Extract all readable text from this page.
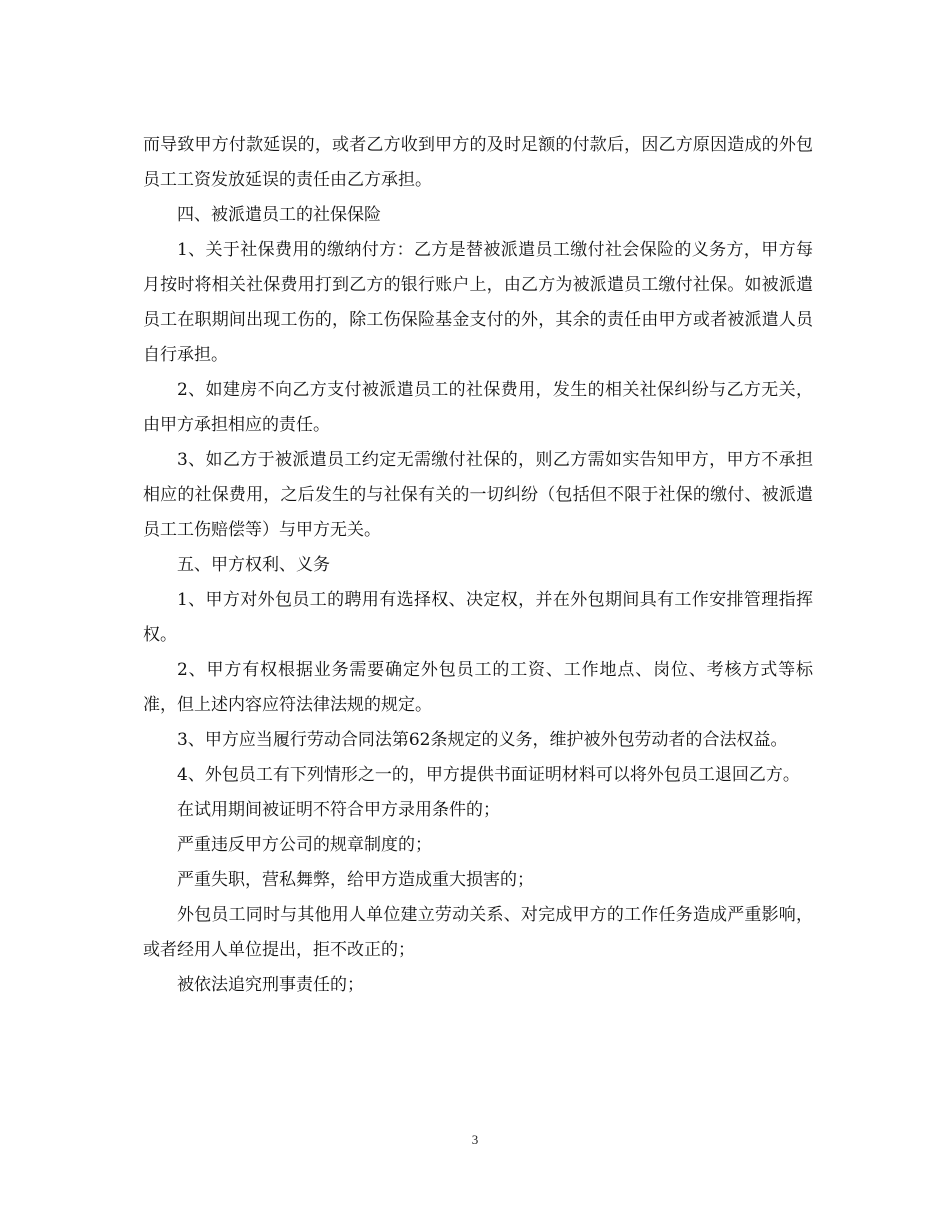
而导致甲方付款延误的，或者乙方收到甲方的及时足额的付款后，因乙方原因造成的外包员工工资发放延误的责任由乙方承担。

四、被派遣员工的社保保险

1、关于社保费用的缴纳付方：乙方是替被派遣员工缴付社会保险的义务方，甲方每月按时将相关社保费用打到乙方的银行账户上，由乙方为被派遣员工缴付社保。如被派遣员工在职期间出现工伤的，除工伤保险基金支付的外，其余的责任由甲方或者被派遣人员自行承担。

2、如建房不向乙方支付被派遣员工的社保费用，发生的相关社保纠纷与乙方无关，由甲方承担相应的责任。

3、如乙方于被派遣员工约定无需缴付社保的，则乙方需如实告知甲方，甲方不承担相应的社保费用，之后发生的与社保有关的一切纠纷（包括但不限于社保的缴付、被派遣员工工伤赔偿等）与甲方无关。

五、甲方权利、义务

1、甲方对外包员工的聘用有选择权、决定权，并在外包期间具有工作安排管理指挥权。

2、甲方有权根据业务需要确定外包员工的工资、工作地点、岗位、考核方式等标准，但上述内容应符法律法规的规定。

3、甲方应当履行劳动合同法第62条规定的义务，维护被外包劳动者的合法权益。

4、外包员工有下列情形之一的，甲方提供书面证明材料可以将外包员工退回乙方。

在试用期间被证明不符合甲方录用条件的；

严重违反甲方公司的规章制度的；

严重失职，营私舞弊，给甲方造成重大损害的；

外包员工同时与其他用人单位建立劳动关系、对完成甲方的工作任务造成严重影响，或者经用人单位提出，拒不改正的；

被依法追究刑事责任的；

3
